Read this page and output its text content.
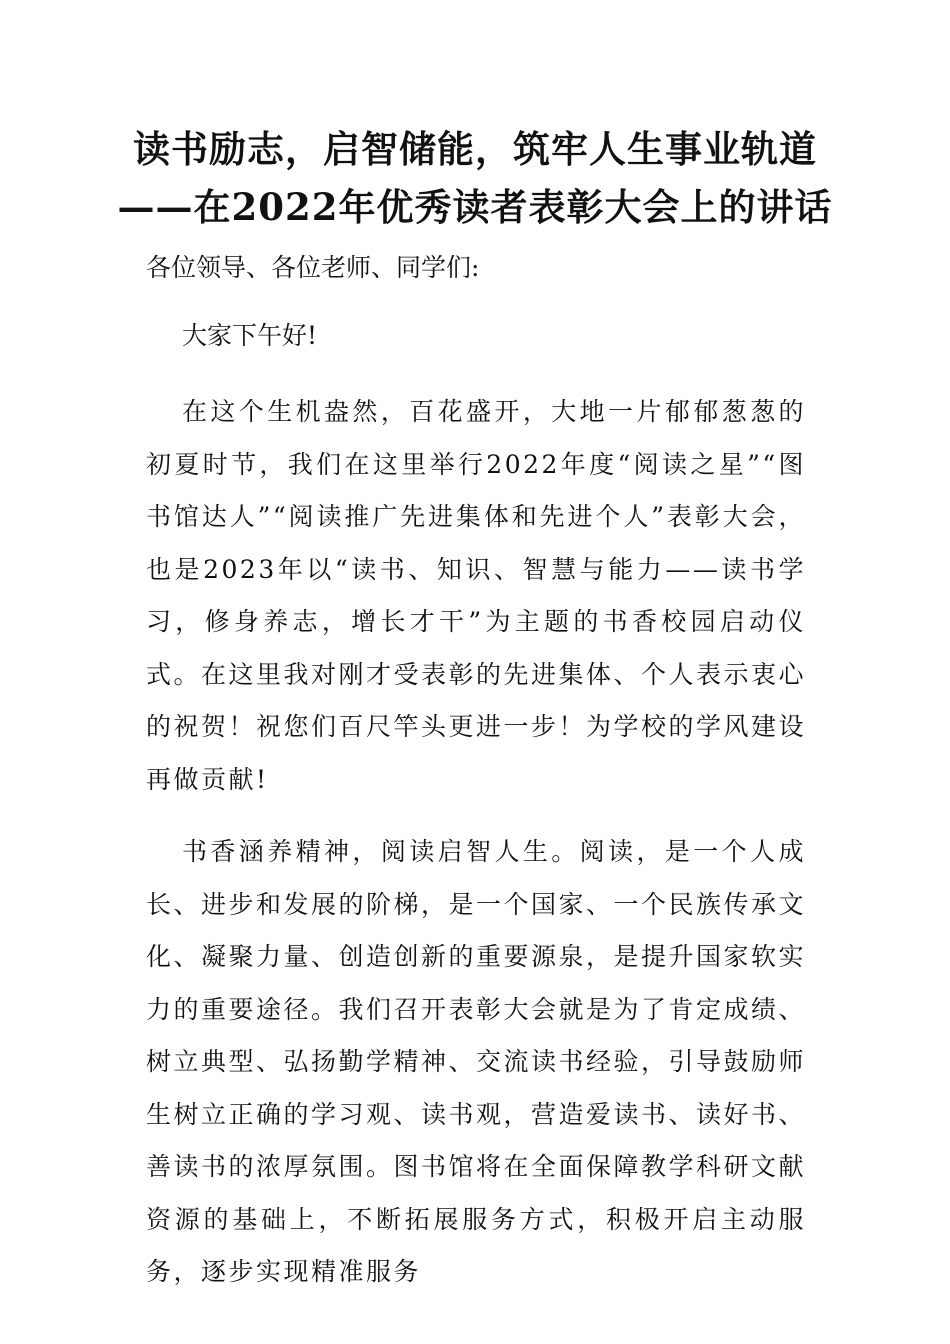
读书励志，启智储能，筑牢人生事业轨道
——在2022年优秀读者表彰大会上的讲话

各位领导、各位老师、同学们:

大家下午好!

在这个生机盎然，百花盛开，大地一片郁郁葱葱的初夏时节，我们在这里举行2022年度“阅读之星”“图书馆达人”“阅读推广先进集体和先进个人”表彰大会，也是2023年以“读书、知识、智慧与能力——读书学习，修身养志，增长才干”为主题的书香校园启动仪式。在这里我对刚才受表彰的先进集体、个人表示衷心的祝贺！祝您们百尺竿头更进一步！为学校的学风建设再做贡献!

书香涵养精神，阅读启智人生。阅读，是一个人成长、进步和发展的阶梯，是一个国家、一个民族传承文化、凝聚力量、创造创新的重要源泉，是提升国家软实力的重要途径。我们召开表彰大会就是为了肯定成绩、树立典型、弘扬勤学精神、交流读书经验，引导鼓励师生树立正确的学习观、读书观，营造爱读书、读好书、善读书的浓厚氛围。图书馆将在全面保障教学科研文献资源的基础上，不断拓展服务方式，积极开启主动服务，逐步实现精准服务
